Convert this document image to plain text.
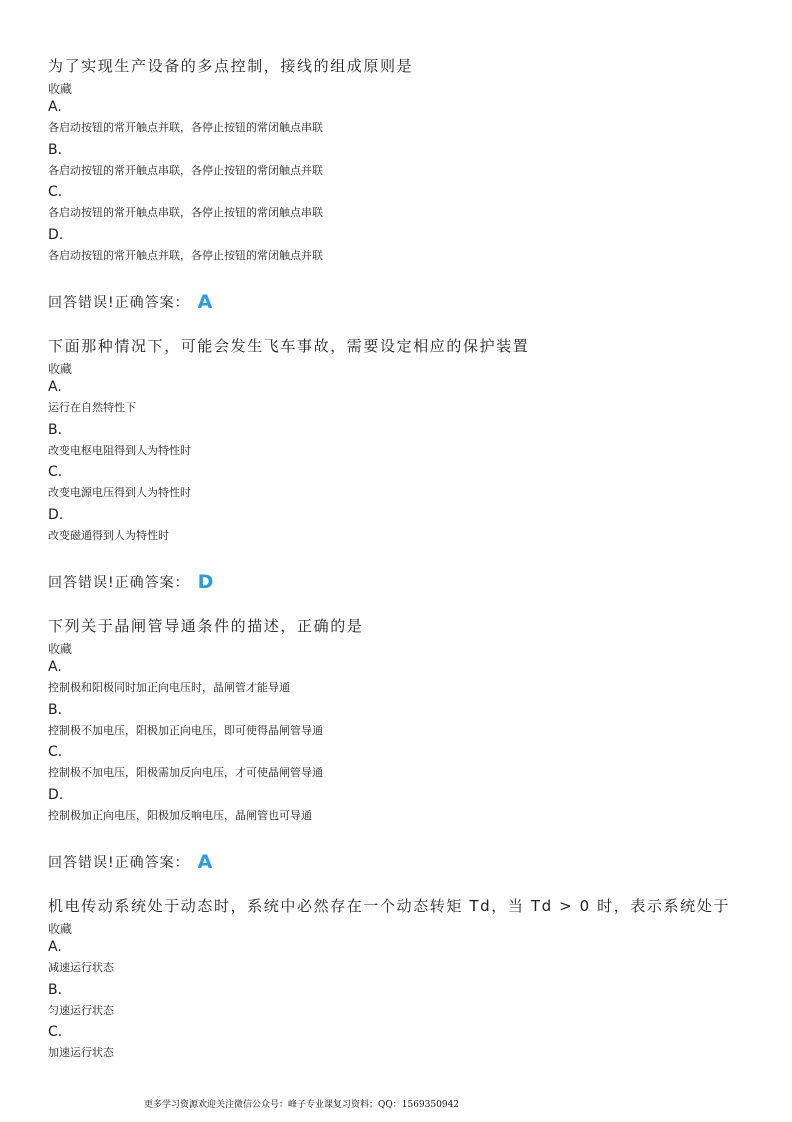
为了实现生产设备的多点控制，接线的组成原则是
收藏
A.
各启动按钮的常开触点并联，各停止按钮的常闭触点串联
B.
各启动按钮的常开触点串联，各停止按钮的常闭触点并联
C.
各启动按钮的常开触点串联，各停止按钮的常闭触点串联
D.
各启动按钮的常开触点并联，各停止按钮的常闭触点并联
回答错误!正确答案： A
下面那种情况下，可能会发生飞车事故，需要设定相应的保护装置
收藏
A.
运行在自然特性下
B.
改变电枢电阻得到人为特性时
C.
改变电源电压得到人为特性时
D.
改变磁通得到人为特性时
回答错误!正确答案： D
下列关于晶闸管导通条件的描述，正确的是
收藏
A.
控制极和阳极同时加正向电压时，晶闸管才能导通
B.
控制极不加电压，阳极加正向电压，即可使得晶闸管导通
C.
控制极不加电压，阳极需加反向电压，才可使晶闸管导通
D.
控制极加正向电压，阳极加反响电压，晶闸管也可导通
回答错误!正确答案： A
机电传动系统处于动态时，系统中必然存在一个动态转矩 Td，当 Td > 0 时，表示系统处于
收藏
A.
减速运行状态
B.
匀速运行状态
C.
加速运行状态
更多学习资源欢迎关注微信公众号：峰子专业课复习资料；QQ：1569350942
